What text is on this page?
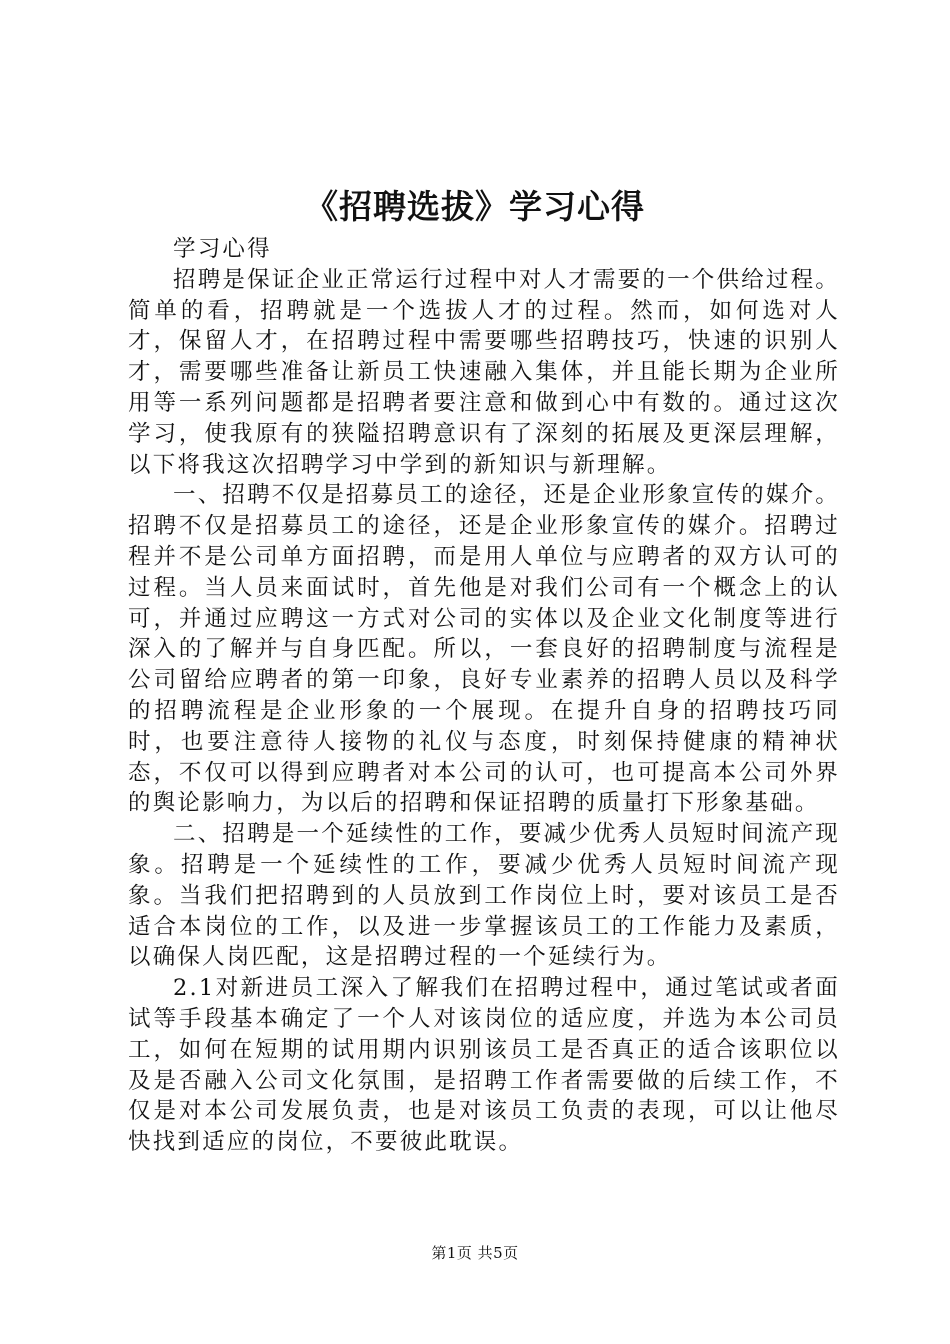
《招聘选拔》学习心得

学习心得

招聘是保证企业正常运行过程中对人才需要的一个供给过程。简单的看，招聘就是一个选拔人才的过程。然而，如何选对人才，保留人才，在招聘过程中需要哪些招聘技巧，快速的识别人才，需要哪些准备让新员工快速融入集体，并且能长期为企业所用等一系列问题都是招聘者要注意和做到心中有数的。通过这次学习，使我原有的狭隘招聘意识有了深刻的拓展及更深层理解，以下将我这次招聘学习中学到的新知识与新理解。

一、招聘不仅是招募员工的途径，还是企业形象宣传的媒介。招聘不仅是招募员工的途径，还是企业形象宣传的媒介。招聘过程并不是公司单方面招聘，而是用人单位与应聘者的双方认可的过程。当人员来面试时，首先他是对我们公司有一个概念上的认可，并通过应聘这一方式对公司的实体以及企业文化制度等进行深入的了解并与自身匹配。所以，一套良好的招聘制度与流程是公司留给应聘者的第一印象，良好专业素养的招聘人员以及科学的招聘流程是企业形象的一个展现。在提升自身的招聘技巧同时，也要注意待人接物的礼仪与态度，时刻保持健康的精神状态，不仅可以得到应聘者对本公司的认可，也可提高本公司外界的舆论影响力，为以后的招聘和保证招聘的质量打下形象基础。

二、招聘是一个延续性的工作，要减少优秀人员短时间流产现象。招聘是一个延续性的工作，要减少优秀人员短时间流产现象。当我们把招聘到的人员放到工作岗位上时，要对该员工是否适合本岗位的工作，以及进一步掌握该员工的工作能力及素质，以确保人岗匹配，这是招聘过程的一个延续行为。

2.1对新进员工深入了解我们在招聘过程中，通过笔试或者面试等手段基本确定了一个人对该岗位的适应度，并选为本公司员工，如何在短期的试用期内识别该员工是否真正的适合该职位以及是否融入公司文化氛围，是招聘工作者需要做的后续工作，不仅是对本公司发展负责，也是对该员工负责的表现，可以让他尽快找到适应的岗位，不要彼此耽误。

第1页 共5页
